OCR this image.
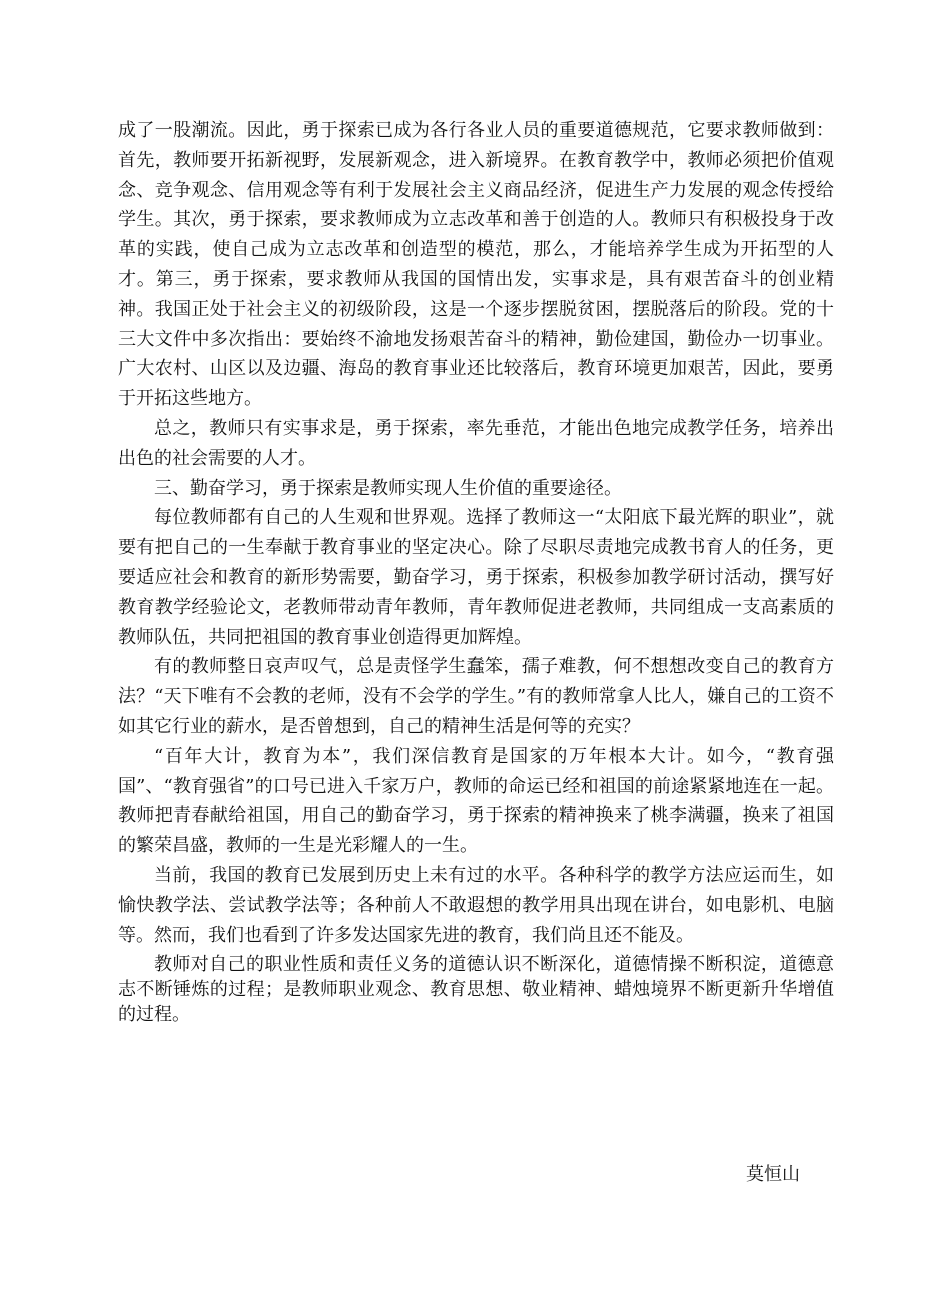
成了一股潮流。因此，勇于探索已成为各行各业人员的重要道德规范，它要求教师做到：首先，教师要开拓新视野，发展新观念，进入新境界。在教育教学中，教师必须把价值观念、竞争观念、信用观念等有利于发展社会主义商品经济，促进生产力发展的观念传授给学生。其次，勇于探索，要求教师成为立志改革和善于创造的人。教师只有积极投身于改革的实践，使自己成为立志改革和创造型的模范，那么，才能培养学生成为开拓型的人才。第三，勇于探索，要求教师从我国的国情出发，实事求是，具有艰苦奋斗的创业精神。我国正处于社会主义的初级阶段，这是一个逐步摆脱贫困，摆脱落后的阶段。党的十三大文件中多次指出：要始终不渝地发扬艰苦奋斗的精神，勤俭建国，勤俭办一切事业。广大农村、山区以及边疆、海岛的教育事业还比较落后，教育环境更加艰苦，因此，要勇于开拓这些地方。

总之，教师只有实事求是，勇于探索，率先垂范，才能出色地完成教学任务，培养出出色的社会需要的人才。

三、勤奋学习，勇于探索是教师实现人生价值的重要途径。

每位教师都有自己的人生观和世界观。选择了教师这一“太阳底下最光辉的职业”，就要有把自己的一生奉献于教育事业的坚定决心。除了尽职尽责地完成教书育人的任务，更要适应社会和教育的新形势需要，勤奋学习，勇于探索，积极参加教学研讨活动，撰写好教育教学经验论文，老教师带动青年教师，青年教师促进老教师，共同组成一支高素质的教师队伍，共同把祖国的教育事业创造得更加辉煌。

有的教师整日哀声叹气，总是责怪学生蠢笨，孺子难教，何不想想改变自己的教育方法？“天下唯有不会教的老师，没有不会学的学生。”有的教师常拿人比人，嫌自己的工资不如其它行业的薪水，是否曾想到，自己的精神生活是何等的充实？

“百年大计，教育为本”，我们深信教育是国家的万年根本大计。如今，“教育强国”、“教育强省”的口号已进入千家万户，教师的命运已经和祖国的前途紧紧地连在一起。教师把青春献给祖国，用自己的勤奋学习，勇于探索的精神换来了桃李满疆，换来了祖国的繁荣昌盛，教师的一生是光彩耀人的一生。

当前，我国的教育已发展到历史上未有过的水平。各种科学的教学方法应运而生，如愉快教学法、尝试教学法等；各种前人不敢遐想的教学用具出现在讲台，如电影机、电脑等。然而，我们也看到了许多发达国家先进的教育，我们尚且还不能及。

教师对自己的职业性质和责任义务的道德认识不断深化，道德情操不断积淀，道德意志不断锤炼的过程；是教师职业观念、教育思想、敬业精神、蜡烛境界不断更新升华增值的过程。

莫恒山
